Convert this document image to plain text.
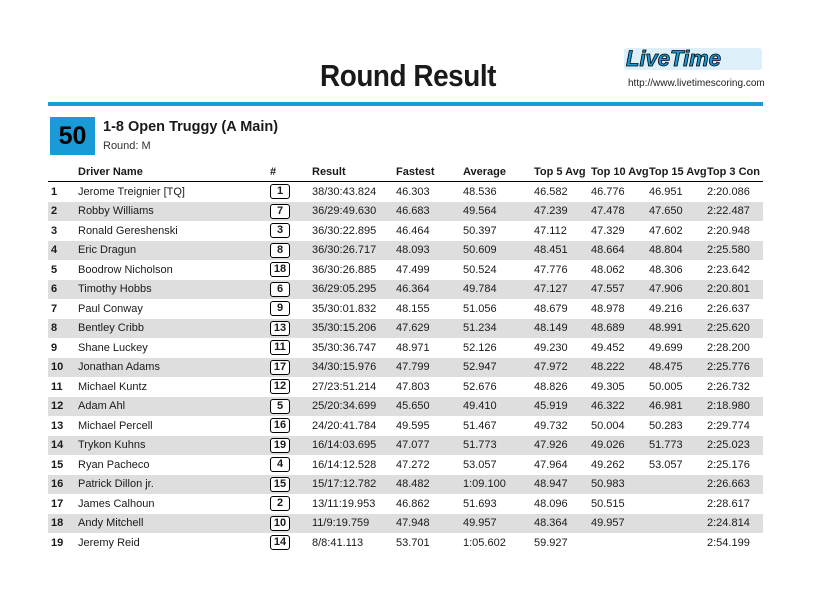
Round Result	LiveTime
http://www.livetimescoring.com
50	1-8 Open Truggy (A Main)
Round: M
	Driver Name	#	Result	Fastest	Average	Top 5 Avg	Top 10 Avg	Top 15 Avg	Top 3 Con
1	Jerome Treignier [TQ]	1	38/30:43.824	46.303	48.536	46.582	46.776	46.951	2:20.086
2	Robby Williams	7	36/29:49.630	46.683	49.564	47.239	47.478	47.650	2:22.487
3	Ronald Gereshenski	3	36/30:22.895	46.464	50.397	47.112	47.329	47.602	2:20.948
4	Eric Dragun	8	36/30:26.717	48.093	50.609	48.451	48.664	48.804	2:25.580
5	Boodrow Nicholson	18	36/30:26.885	47.499	50.524	47.776	48.062	48.306	2:23.642
6	Timothy Hobbs	6	36/29:05.295	46.364	49.784	47.127	47.557	47.906	2:20.801
7	Paul Conway	9	35/30:01.832	48.155	51.056	48.679	48.978	49.216	2:26.637
8	Bentley Cribb	13	35/30:15.206	47.629	51.234	48.149	48.689	48.991	2:25.620
9	Shane Luckey	11	35/30:36.747	48.971	52.126	49.230	49.452	49.699	2:28.200
10	Jonathan Adams	17	34/30:15.976	47.799	52.947	47.972	48.222	48.475	2:25.776
11	Michael Kuntz	12	27/23:51.214	47.803	52.676	48.826	49.305	50.005	2:26.732
12	Adam Ahl	5	25/20:34.699	45.650	49.410	45.919	46.322	46.981	2:18.980
13	Michael Percell	16	24/20:41.784	49.595	51.467	49.732	50.004	50.283	2:29.774
14	Trykon Kuhns	19	16/14:03.695	47.077	51.773	47.926	49.026	51.773	2:25.023
15	Ryan Pacheco	4	16/14:12.528	47.272	53.057	47.964	49.262	53.057	2:25.176
16	Patrick Dillon jr.	15	15/17:12.782	48.482	1:09.100	48.947	50.983		2:26.663
17	James Calhoun	2	13/11:19.953	46.862	51.693	48.096	50.515		2:28.617
18	Andy Mitchell	10	11/9:19.759	47.948	49.957	48.364	49.957		2:24.814
19	Jeremy Reid	14	8/8:41.113	53.701	1:05.602	59.927			2:54.199
